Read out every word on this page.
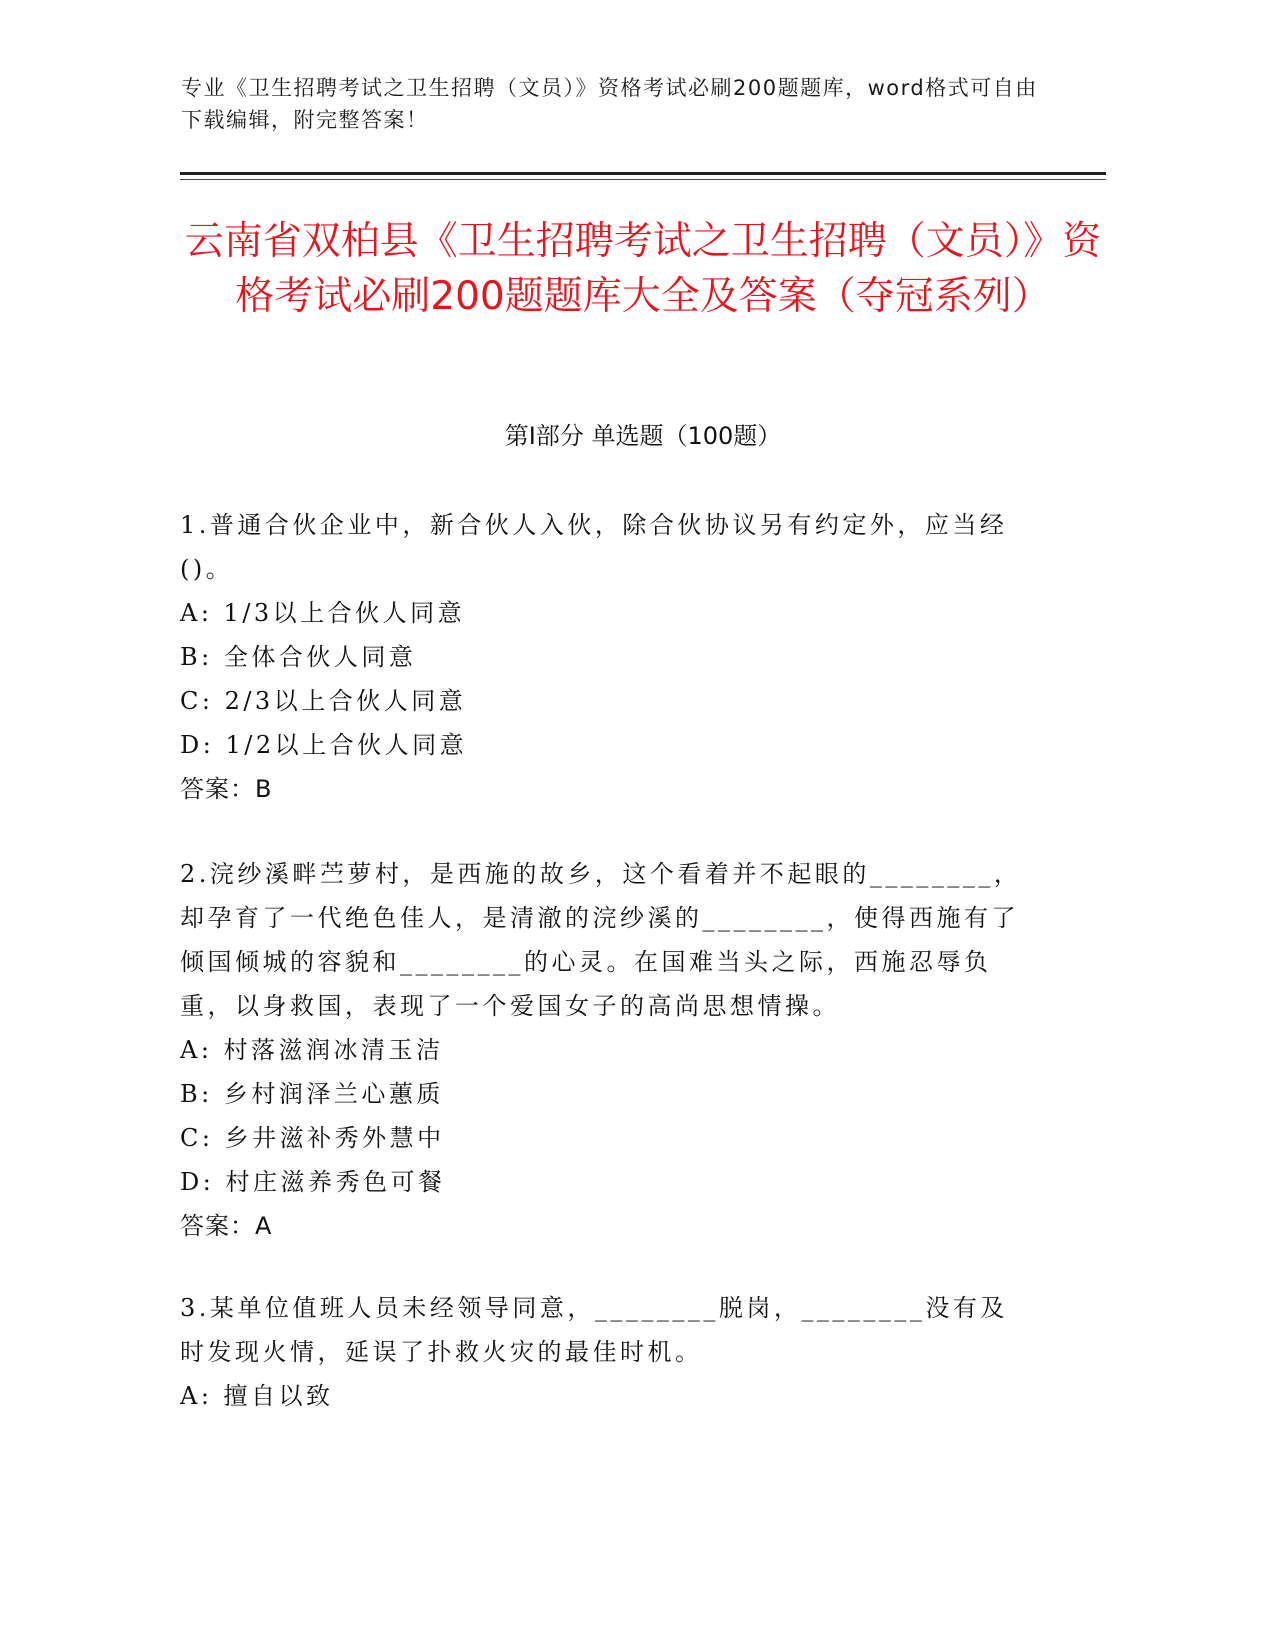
专业《卫生招聘考试之卫生招聘（文员）》资格考试必刷200题题库，word格式可自由下载编辑，附完整答案！
云南省双柏县《卫生招聘考试之卫生招聘（文员）》资格考试必刷200题题库大全及答案（夺冠系列）
第Ⅰ部分 单选题（100题）

1.普通合伙企业中，新合伙人入伙，除合伙协议另有约定外，应当经()。

A: 1/3以上合伙人同意

B: 全体合伙人同意

C: 2/3以上合伙人同意

D: 1/2以上合伙人同意

答案：B

2.浣纱溪畔苎萝村，是西施的故乡，这个看着并不起眼的________，却孕育了一代绝色佳人，是清澈的浣纱溪的________，使得西施有了倾国倾城的容貌和________的心灵。在国难当头之际，西施忍辱负重，以身救国，表现了一个爱国女子的高尚思想情操。

A: 村落滋润冰清玉洁

B: 乡村润泽兰心蕙质

C: 乡井滋补秀外慧中

D: 村庄滋养秀色可餐

答案：A

3.某单位值班人员未经领导同意，________脱岗，________没有及时发现火情，延误了扑救火灾的最佳时机。

A: 擅自以致
